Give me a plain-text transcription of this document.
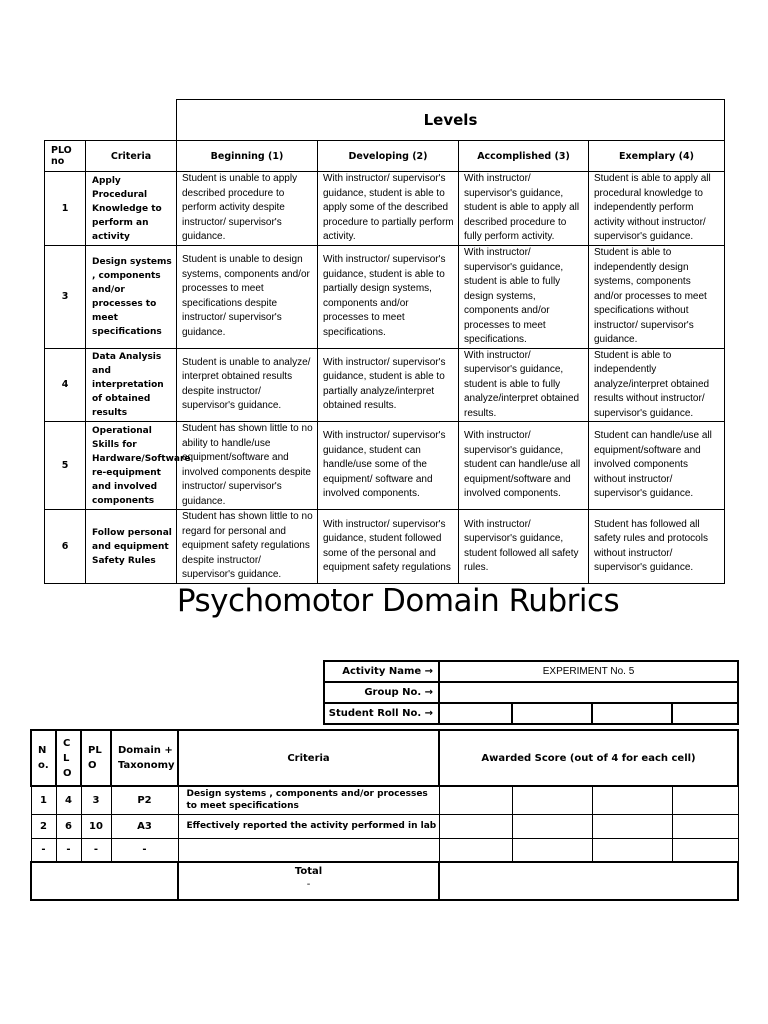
		Levels			
PLO no	Criteria	Beginning (1)	Developing (2)	Accomplished (3)	Exemplary (4)
1	Apply Procedural Knowledge to perform an activity	Student is unable to apply described procedure to perform activity despite instructor/ supervisor's guidance.	With instructor/ supervisor's guidance, student is able to apply some of the described procedure to partially perform activity.	With instructor/ supervisor's guidance, student is able to apply all described procedure to fully perform activity.	Student is able to apply all procedural knowledge to independently perform activity without instructor/ supervisor's guidance.
3	Design systems , components and/or processes to meet specifications	Student is unable to design systems, components and/or processes to meet specifications despite instructor/ supervisor's guidance.	With instructor/ supervisor's guidance, student is able to partially design systems, components and/or processes to meet specifications.	With instructor/ supervisor's guidance, student is able to fully design systems, components and/or processes to meet specifications.	Student is able to independently design systems, components and/or processes to meet specifications without instructor/ supervisor's guidance.
4	Data Analysis and interpretation of obtained results	Student is unable to analyze/ interpret obtained results despite instructor/ supervisor's guidance.	With instructor/ supervisor's guidance, student is able to partially analyze/interpret obtained results.	With instructor/ supervisor's guidance, student is able to fully analyze/interpret obtained results.	Student is able to independently analyze/interpret obtained results without instructor/ supervisor's guidance.
5	Operational Skills for Hardware/Software re-equipment and involved components	Student has shown little to no ability to handle/use equipment/software and involved components despite instructor/ supervisor's guidance.	With instructor/ supervisor's guidance, student can handle/use some of the equipment/ software and involved components.	With instructor/ supervisor's guidance, student can handle/use all equipment/software and involved components.	Student can handle/use all equipment/software and involved components without instructor/ supervisor's guidance.
6	Follow personal and equipment Safety Rules	Student has shown little to no regard for personal and equipment safety regulations despite instructor/ supervisor's guidance.	With instructor/ supervisor's guidance, student followed some of the personal and equipment safety regulations	With instructor/ supervisor's guidance, student followed all safety rules.	Student has followed all safety rules and protocols without instructor/ supervisor's guidance.
Psychomotor Domain Rubrics
Activity Name →	EXPERIMENT No. 5			
Group No. →				
Student Roll No. →				
N o.	C L O	PL O	Domain + Taxonomy	Criteria	Awarded Score (out of 4 for each cell)			
1	4	3	P2	Design systems , components and/or processes to meet specifications				
2	6	10	A3	Effectively reported the activity performed in lab				
-	-	-	-					

				Total
-				
